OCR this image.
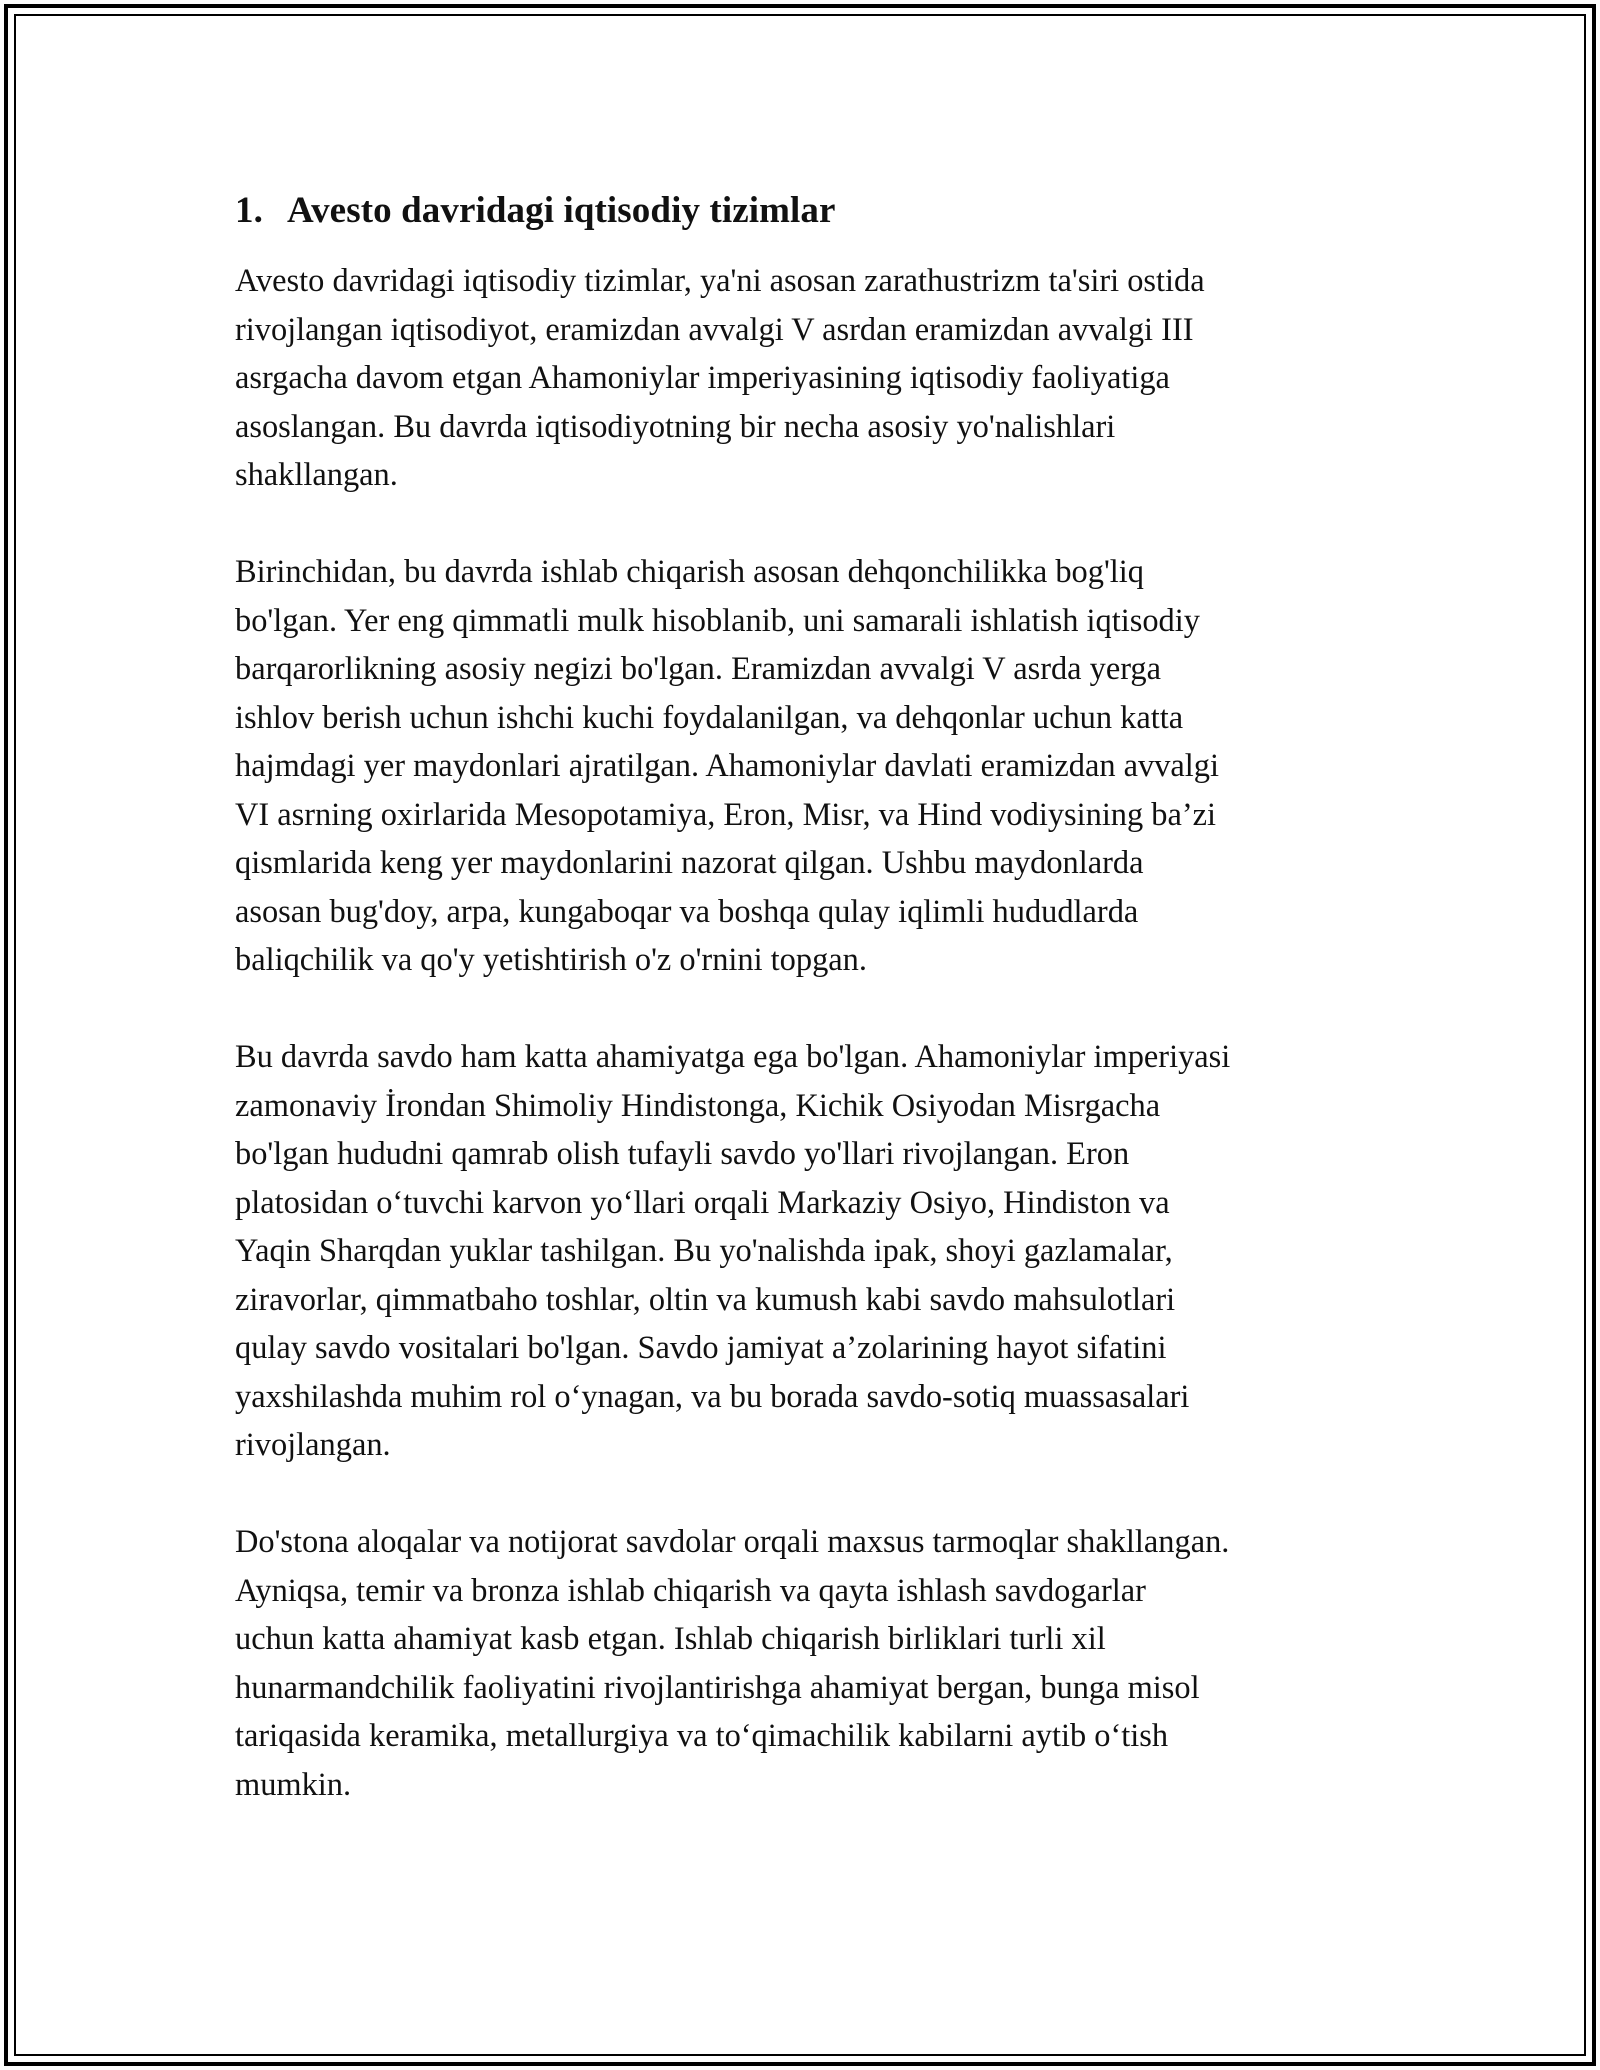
1. Avesto davridagi iqtisodiy tizimlar
Avesto davridagi iqtisodiy tizimlar, ya'ni asosan zarathustrizm ta'siri ostida
rivojlangan iqtisodiyot, eramizdan avvalgi V asrdan eramizdan avvalgi III
asrgacha davom etgan Ahamoniylar imperiyasining iqtisodiy faoliyatiga
asoslangan. Bu davrda iqtisodiyotning bir necha asosiy yo'nalishlari
shakllangan.
Birinchidan, bu davrda ishlab chiqarish asosan dehqonchilikka bog'liq
bo'lgan. Yer eng qimmatli mulk hisoblanib, uni samarali ishlatish iqtisodiy
barqarorlikning asosiy negizi bo'lgan. Eramizdan avvalgi V asrda yerga
ishlov berish uchun ishchi kuchi foydalanilgan, va dehqonlar uchun katta
hajmdagi yer maydonlari ajratilgan. Ahamoniylar davlati eramizdan avvalgi
VI asrning oxirlarida Mesopotamiya, Eron, Misr, va Hind vodiysining ba’zi
qismlarida keng yer maydonlarini nazorat qilgan. Ushbu maydonlarda
asosan bug'doy, arpa, kungaboqar va boshqa qulay iqlimli hududlarda
baliqchilik va qo'y yetishtirish o'z o'rnini topgan.
Bu davrda savdo ham katta ahamiyatga ega bo'lgan. Ahamoniylar imperiyasi
zamonaviy İrondan Shimoliy Hindistonga, Kichik Osiyodan Misrgacha
bo'lgan hududni qamrab olish tufayli savdo yo'llari rivojlangan. Eron
platosidan o‘tuvchi karvon yo‘llari orqali Markaziy Osiyo, Hindiston va
Yaqin Sharqdan yuklar tashilgan. Bu yo'nalishda ipak, shoyi gazlamalar,
ziravorlar, qimmatbaho toshlar, oltin va kumush kabi savdo mahsulotlari
qulay savdo vositalari bo'lgan. Savdo jamiyat a’zolarining hayot sifatini
yaxshilashda muhim rol o‘ynagan, va bu borada savdo-sotiq muassasalari
rivojlangan.
Do'stona aloqalar va notijorat savdolar orqali maxsus tarmoqlar shakllangan.
Ayniqsa, temir va bronza ishlab chiqarish va qayta ishlash savdogarlar
uchun katta ahamiyat kasb etgan. Ishlab chiqarish birliklari turli xil
hunarmandchilik faoliyatini rivojlantirishga ahamiyat bergan, bunga misol
tariqasida keramika, metallurgiya va to‘qimachilik kabilarni aytib o‘tish
mumkin.
